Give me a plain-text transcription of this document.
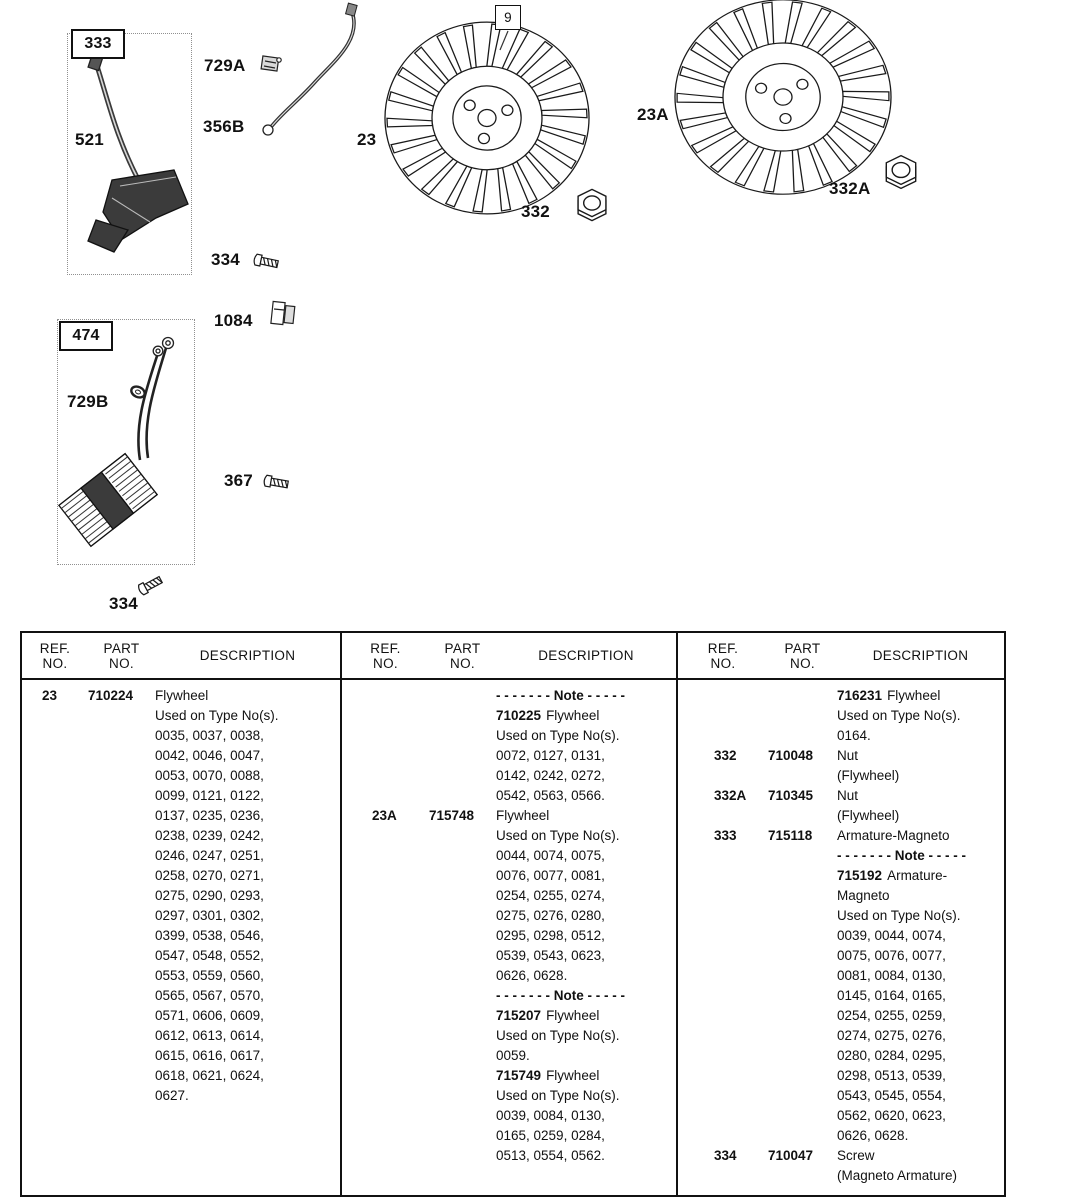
333
474
9
521
729A
356B
23
23A
332
332A
334
1084
729B
367
334
REF.
NO.
PART
NO.	DESCRIPTION
23	710224	Flywheel
Used on Type No(s).
0035, 0037, 0038,
0042, 0046, 0047,
0053, 0070, 0088,
0099, 0121, 0122,
0137, 0235, 0236,
0238, 0239, 0242,
0246, 0247, 0251,
0258, 0270, 0271,
0275, 0290, 0293,
0297, 0301, 0302,
0399, 0538, 0546,
0547, 0548, 0552,
0553, 0559, 0560,
0565, 0567, 0570,
0571, 0606, 0609,
0612, 0613, 0614,
0615, 0616, 0617,
0618, 0621, 0624,
0627.
REF.
NO.
PART
NO.	DESCRIPTION
- - - - - - - Note - - - - -
710225 Flywheel
Used on Type No(s).
0072, 0127, 0131,
0142, 0242, 0272,
0542, 0563, 0566.
23A	715748	Flywheel
Used on Type No(s).
0044, 0074, 0075,
0076, 0077, 0081,
0254, 0255, 0274,
0275, 0276, 0280,
0295, 0298, 0512,
0539, 0543, 0623,
0626, 0628.
- - - - - - - Note - - - - -
715207 Flywheel
Used on Type No(s).
0059.
715749 Flywheel
Used on Type No(s).
0039, 0084, 0130,
0165, 0259, 0284,
0513, 0554, 0562.
REF.
NO.
PART
NO.	DESCRIPTION
716231 Flywheel
Used on Type No(s).
0164.
332	710048	Nut
(Flywheel)
332A	710345	Nut
(Flywheel)
333	715118	Armature-Magneto
- - - - - - - Note - - - - -
715192 Armature-
Magneto
Used on Type No(s).
0039, 0044, 0074,
0075, 0076, 0077,
0081, 0084, 0130,
0145, 0164, 0165,
0254, 0255, 0259,
0274, 0275, 0276,
0280, 0284, 0295,
0298, 0513, 0539,
0543, 0545, 0554,
0562, 0620, 0623,
0626, 0628.
334	710047	Screw
(Magneto Armature)
